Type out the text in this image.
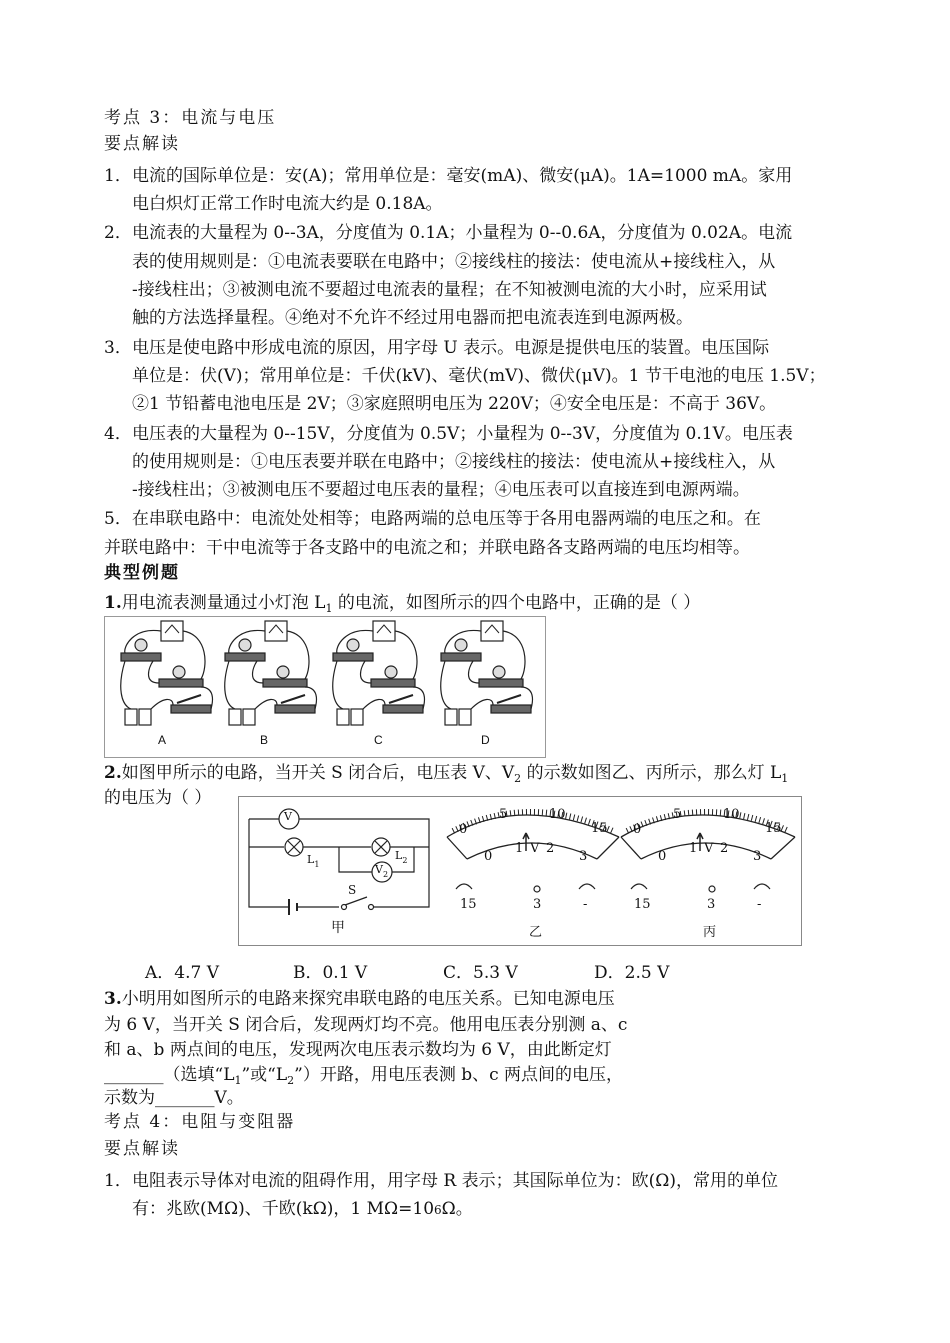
考点 3：电流与电压
要点解读
1． 电流的国际单位是：安(A)；常用单位是：毫安(mA)、微安(μA)。1A=1000 mA。家用
电白炽灯正常工作时电流大约是 0.18A。
2． 电流表的大量程为 0--3A，分度值为 0.1A；小量程为 0--0.6A，分度值为 0.02A。电流
表的使用规则是：①电流表要联在电路中；②接线柱的接法：使电流从+接线柱入，从
-接线柱出；③被测电流不要超过电流表的量程；在不知被测电流的大小时，应采用试
触的方法选择量程。④绝对不允许不经过用电器而把电流表连到电源两极。
3． 电压是使电路中形成电流的原因，用字母 U 表示。电源是提供电压的装置。电压国际
单位是：伏(V)；常用单位是：千伏(kV)、毫伏(mV)、微伏(μV)。1 节干电池的电压 1.5V；
②1 节铅蓄电池电压是 2V；③家庭照明电压为 220V；④安全电压是：不高于 36V。
4． 电压表的大量程为 0--15V，分度值为 0.5V；小量程为 0--3V，分度值为 0.1V。电压表
的使用规则是：①电压表要并联在电路中；②接线柱的接法：使电流从+接线柱入，从
-接线柱出；③被测电压不要超过电压表的量程；④电压表可以直接连到电源两端。
5．在串联电路中：电流处处相等；电路两端的总电压等于各用电器两端的电压之和。在
并联电路中：干中电流等于各支路中的电流之和；并联电路各支路两端的电压均相等。
典型例题
1.用电流表测量通过小灯泡 $L_1$ 的电流，如图所示的四个电路中，正确的是（ ）
A	B	C	D
2.如图甲所示的电路，当开关 S 闭合后，电压表 V、$V_2$ 的示数如图乙、丙所示，那么灯 $L_1$
的电压为（ ）
V
$V_2$
$L_1$
$L_2$
S
甲
0
5	10
15
0
1 V 2
3
15	3	-
乙
0
5	10
15
0
1 V 2
3
15	3	-
丙
A．4.7 V	B．0.1 V	C．5.3 V	D．2.5 V
3.小明用如图所示的电路来探究串联电路的电压关系。已知电源电压
为 6 V，当开关 S 闭合后，发现两灯均不亮。他用电压表分别测 a、c
和 a、b 两点间的电压，发现两次电压表示数均为 6 V，由此断定灯
_______（选填“$L_1$”或“$L_2$”）开路，用电压表测 b、c 两点间的电压，
示数为_______V。
考点 4：电阻与变阻器
要点解读
1． 电阻表示导体对电流的阻碍作用，用字母 R 表示；其国际单位为：欧(Ω)，常用的单位
有：兆欧(MΩ)、千欧(kΩ)，1 MΩ=106Ω。
